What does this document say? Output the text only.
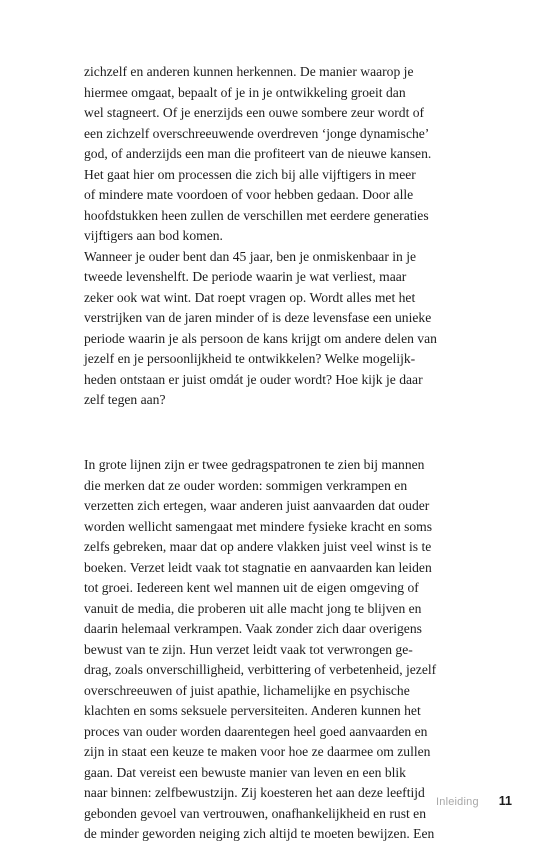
zichzelf en anderen kunnen herkennen. De manier waarop je
hiermee omgaat, bepaalt of je in je ontwikkeling groeit dan
wel stagneert. Of je enerzijds een ouwe sombere zeur wordt of
een zichzelf overschreeuwende overdreven ‘jonge dynamische’
god, of anderzijds een man die profiteert van de nieuwe kansen.
Het gaat hier om processen die zich bij alle vijftigers in meer
of mindere mate voordoen of voor hebben gedaan. Door alle
hoofdstukken heen zullen de verschillen met eerdere generaties
vijftigers aan bod komen.
Wanneer je ouder bent dan 45 jaar, ben je onmiskenbaar in je
tweede levenshelft. De periode waarin je wat verliest, maar
zeker ook wat wint. Dat roept vragen op. Wordt alles met het
verstrijken van de jaren minder of is deze levensfase een unieke
periode waarin je als persoon de kans krijgt om andere delen van
jezelf en je persoonlijkheid te ontwikkelen? Welke mogelijk-
heden ontstaan er juist omdát je ouder wordt? Hoe kijk je daar
zelf tegen aan?
In grote lijnen zijn er twee gedragspatronen te zien bij mannen
die merken dat ze ouder worden: sommigen verkrampen en
verzetten zich ertegen, waar anderen juist aanvaarden dat ouder
worden wellicht samengaat met mindere fysieke kracht en soms
zelfs gebreken, maar dat op andere vlakken juist veel winst is te
boeken. Verzet leidt vaak tot stagnatie en aanvaarden kan leiden
tot groei. Iedereen kent wel mannen uit de eigen omgeving of
vanuit de media, die proberen uit alle macht jong te blijven en
daarin helemaal verkrampen. Vaak zonder zich daar overigens
bewust van te zijn. Hun verzet leidt vaak tot verwrongen ge-
drag, zoals onverschilligheid, verbittering of verbetenheid, jezelf
overschreeuwen of juist apathie, lichamelijke en psychische
klachten en soms seksuele perversiteiten. Anderen kunnen het
proces van ouder worden daarentegen heel goed aanvaarden en
zijn in staat een keuze te maken voor hoe ze daarmee om zullen
gaan. Dat vereist een bewuste manier van leven en een blik
naar binnen: zelfbewustzijn. Zij koesteren het aan deze leeftijd
gebonden gevoel van vertrouwen, onafhankelijkheid en rust en
de minder geworden neiging zich altijd te moeten bewijzen. Een
Inleiding 11
